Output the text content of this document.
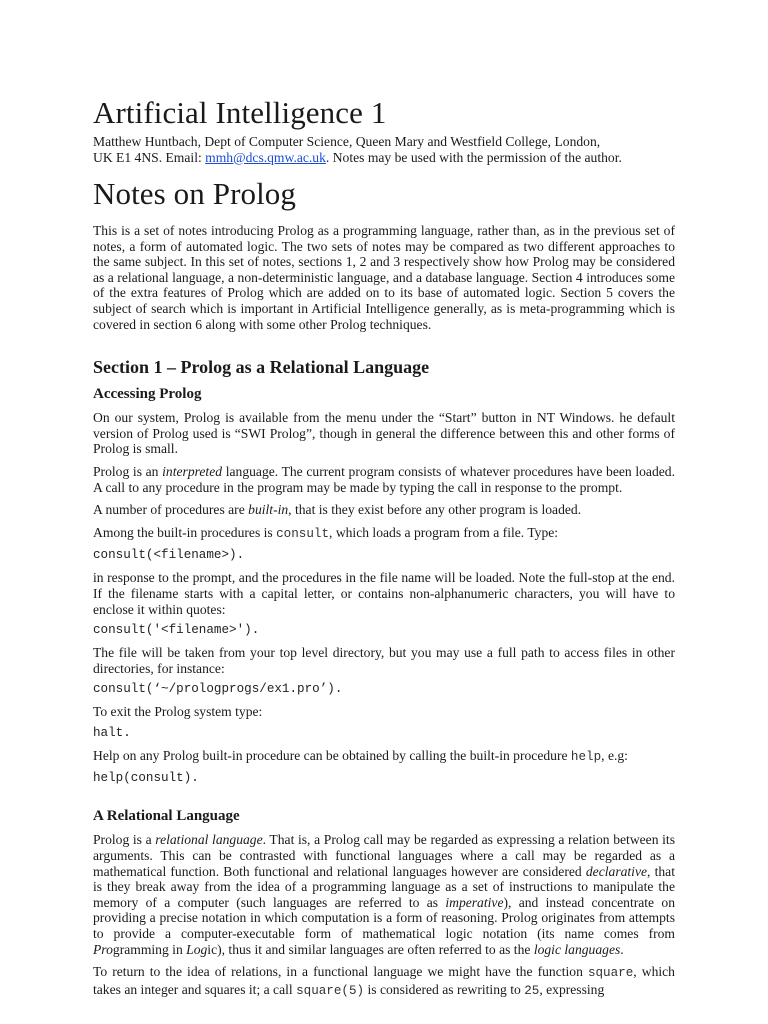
Artificial Intelligence 1
Matthew Huntbach, Dept of Computer Science, Queen Mary and Westfield College, London,
UK E1 4NS. Email: mmh@dcs.qmw.ac.uk. Notes may be used with the permission of the author.
Notes on Prolog

This is a set of notes introducing Prolog as a programming language, rather than, as in the previous set of notes, a form of automated logic. The two sets of notes may be compared as two different approaches to the same subject. In this set of notes, sections 1, 2 and 3 respectively show how Prolog may be considered as a relational language, a non-deterministic language, and a database language. Section 4 introduces some of the extra features of Prolog which are added on to its base of automated logic. Section 5 covers the subject of search which is important in Artificial Intelligence generally, as is meta-programming which is covered in section 6 along with some other Prolog techniques.

Section 1 – Prolog as a Relational Language
Accessing Prolog

On our system, Prolog is available from the menu under the “Start” button in NT Windows. he default version of Prolog used is “SWI Prolog”, though in general the difference between this and other forms of Prolog is small.

Prolog is an interpreted language. The current program consists of whatever procedures have been loaded. A call to any procedure in the program may be made by typing the call in response to the prompt.

A number of procedures are built-in, that is they exist before any other program is loaded.

Among the built-in procedures is consult, which loads a program from a file. Type:

consult(<filename>).

in response to the prompt, and the procedures in the file name will be loaded. Note the full-stop at the end. If the filename starts with a capital letter, or contains non-alphanumeric characters, you will have to enclose it within quotes:

consult('<filename>').

The file will be taken from your top level directory, but you may use a full path to access files in other directories, for instance:

consult(‘~/prologprogs/ex1.pro’).

To exit the Prolog system type:

halt.

Help on any Prolog built-in procedure can be obtained by calling the built-in procedure help, e.g:

help(consult).
A Relational Language

Prolog is a relational language. That is, a Prolog call may be regarded as expressing a relation between its arguments. This can be contrasted with functional languages where a call may be regarded as a mathematical function. Both functional and relational languages however are considered declarative, that is they break away from the idea of a programming language as a set of instructions to manipulate the memory of a computer (such languages are referred to as imperative), and instead concentrate on providing a precise notation in which computation is a form of reasoning. Prolog originates from attempts to provide a computer-executable form of mathematical logic notation (its name comes from Programming in Logic), thus it and similar languages are often referred to as the logic languages.

To return to the idea of relations, in a functional language we might have the function square, which takes an integer and squares it; a call square(5) is considered as rewriting to 25, expressing
